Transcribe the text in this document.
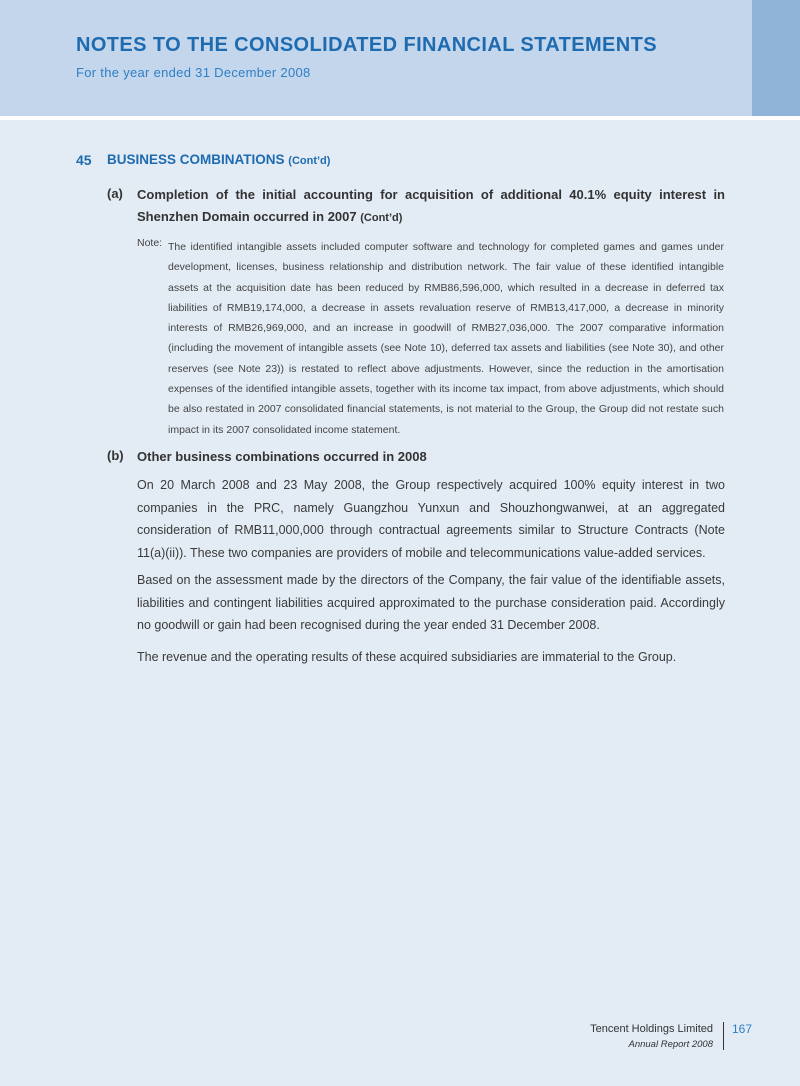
NOTES TO THE CONSOLIDATED FINANCIAL STATEMENTS
For the year ended 31 December 2008
45 BUSINESS COMBINATIONS (Cont’d)
(a) Completion of the initial accounting for acquisition of additional 40.1% equity interest in Shenzhen Domain occurred in 2007 (Cont’d)
Note: The identified intangible assets included computer software and technology for completed games and games under development, licenses, business relationship and distribution network. The fair value of these identified intangible assets at the acquisition date has been reduced by RMB86,596,000, which resulted in a decrease in deferred tax liabilities of RMB19,174,000, a decrease in assets revaluation reserve of RMB13,417,000, a decrease in minority interests of RMB26,969,000, and an increase in goodwill of RMB27,036,000. The 2007 comparative information (including the movement of intangible assets (see Note 10), deferred tax assets and liabilities (see Note 30), and other reserves (see Note 23)) is restated to reflect above adjustments. However, since the reduction in the amortisation expenses of the identified intangible assets, together with its income tax impact, from above adjustments, which should be also restated in 2007 consolidated financial statements, is not material to the Group, the Group did not restate such impact in its 2007 consolidated income statement.
(b) Other business combinations occurred in 2008
On 20 March 2008 and 23 May 2008, the Group respectively acquired 100% equity interest in two companies in the PRC, namely Guangzhou Yunxun and Shouzhongwanwei, at an aggregated consideration of RMB11,000,000 through contractual agreements similar to Structure Contracts (Note 11(a)(ii)). These two companies are providers of mobile and telecommunications value-added services.
Based on the assessment made by the directors of the Company, the fair value of the identifiable assets, liabilities and contingent liabilities acquired approximated to the purchase consideration paid. Accordingly no goodwill or gain had been recognised during the year ended 31 December 2008.
The revenue and the operating results of these acquired subsidiaries are immaterial to the Group.
Tencent Holdings Limited
Annual Report 2008
167
